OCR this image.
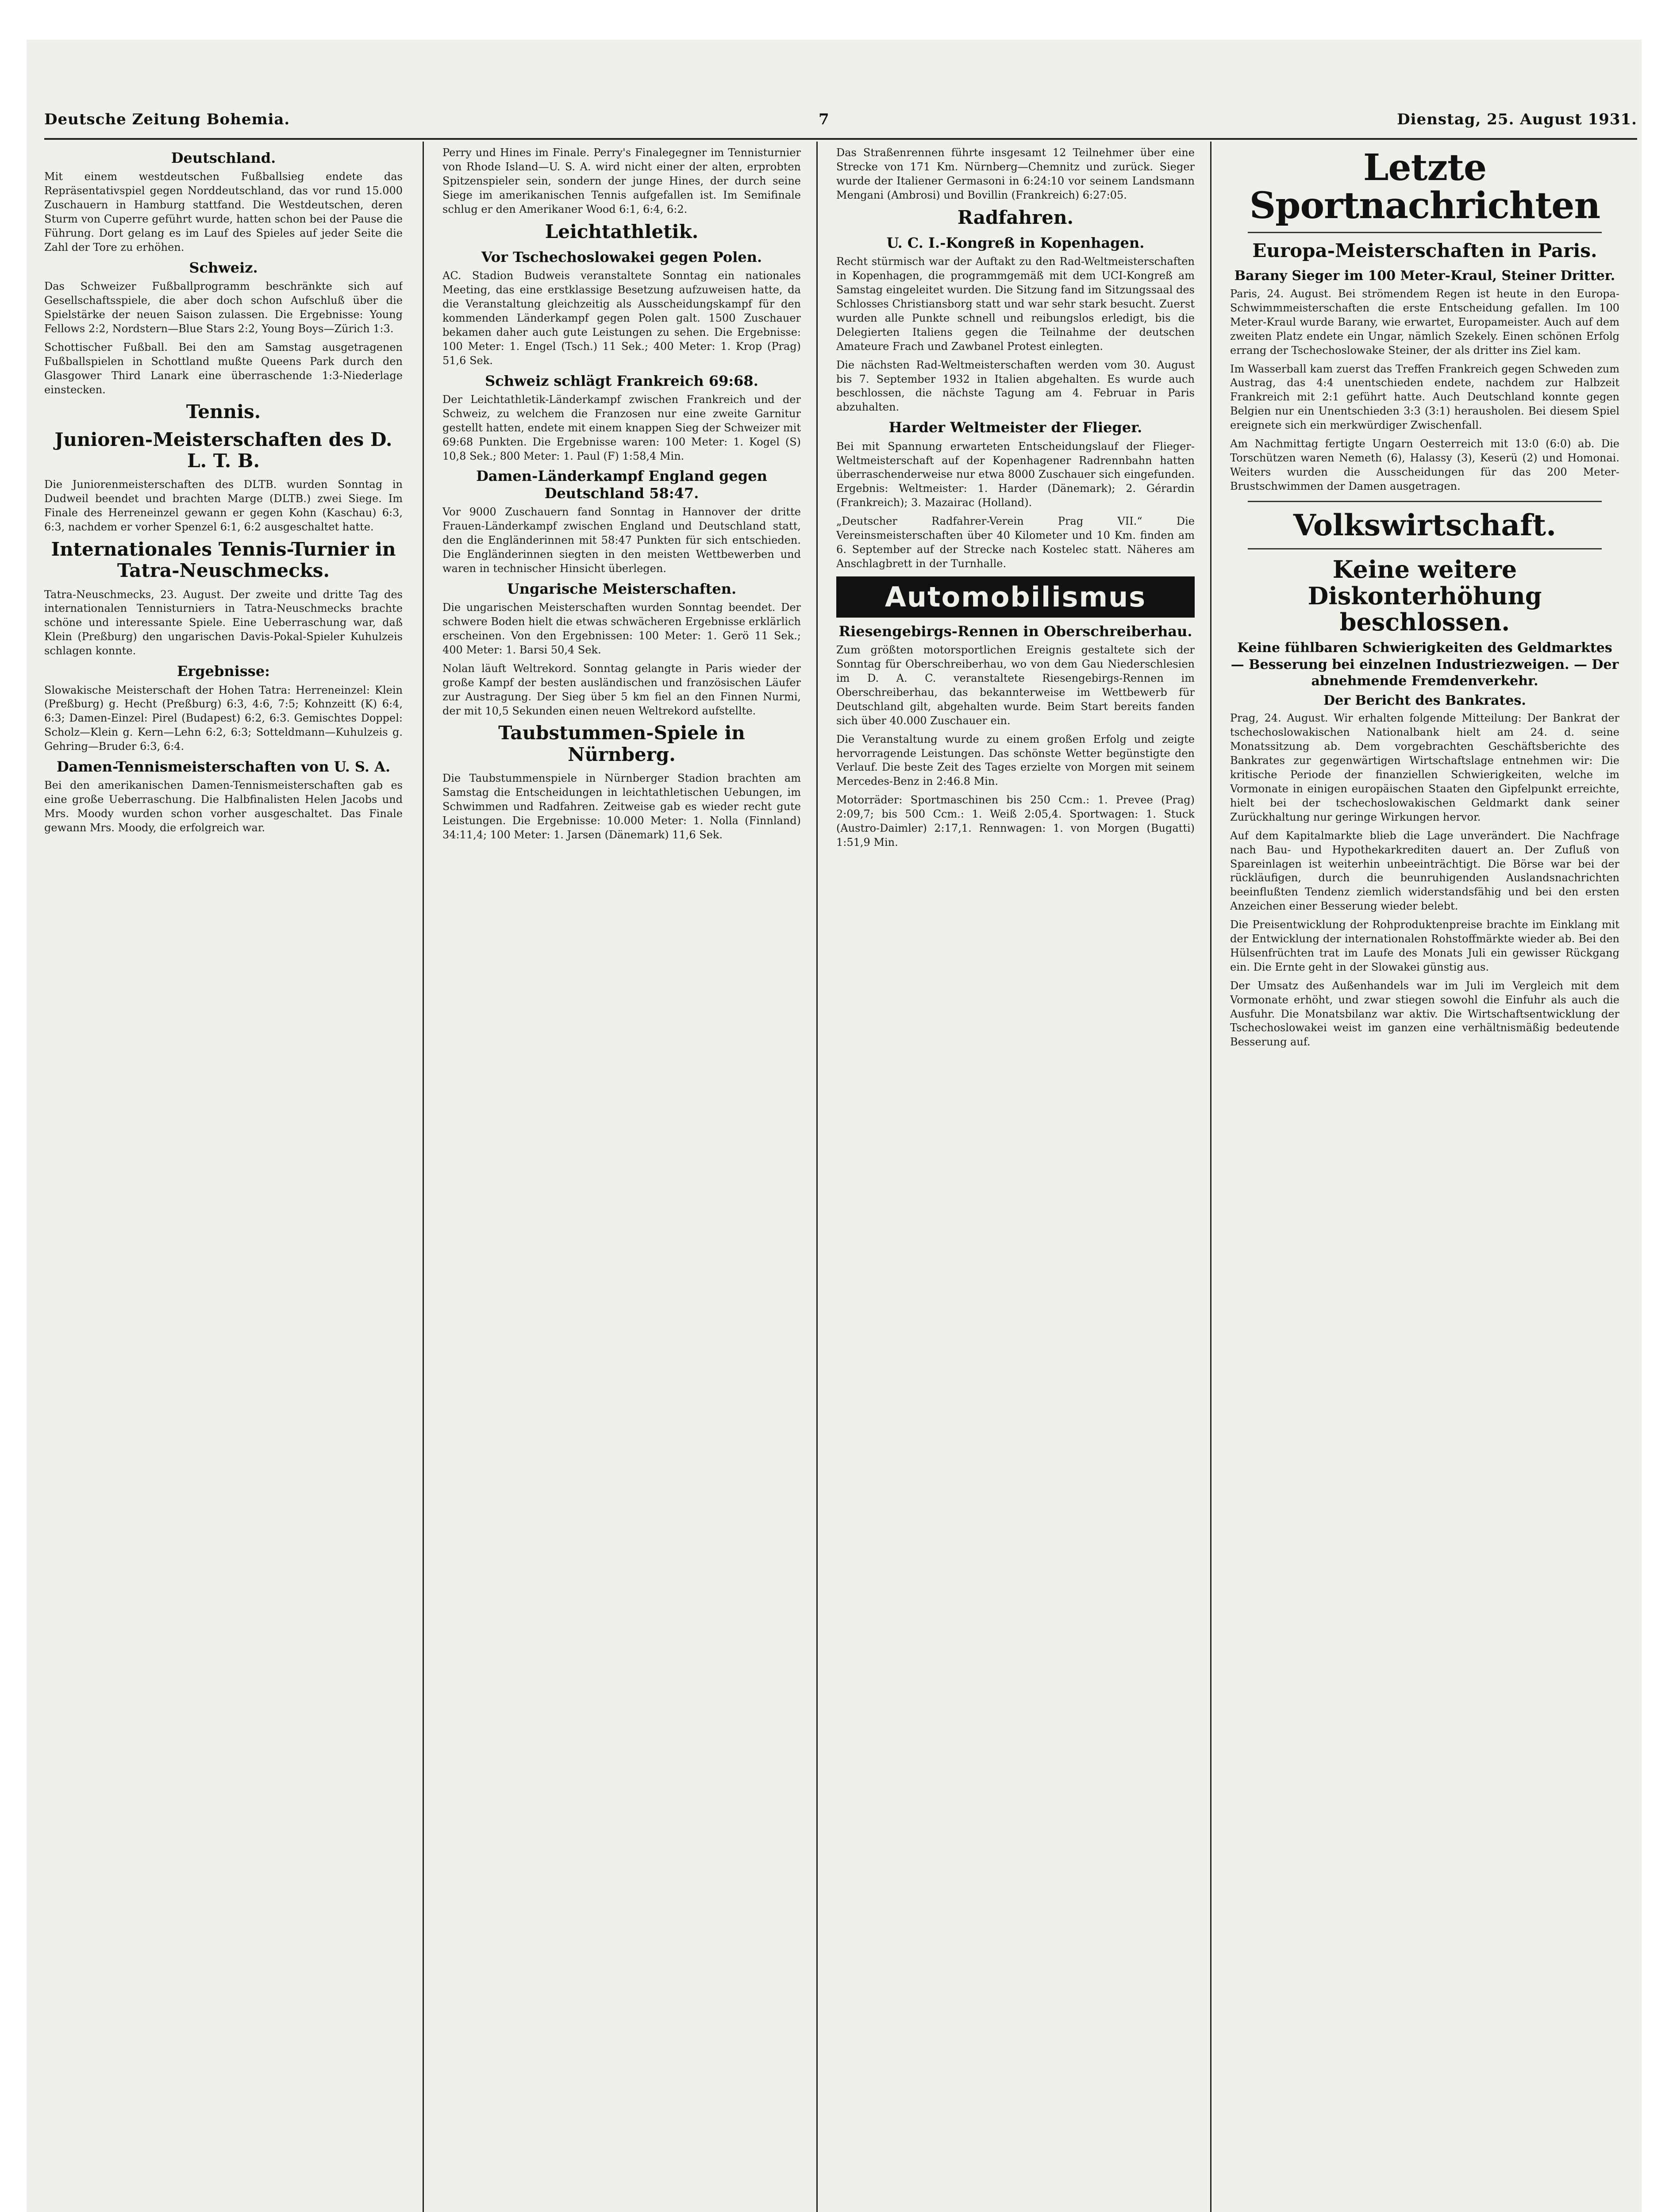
Deutsche Zeitung Bohemia.	7	Dienstag, 25. August 1931.
Deutschland.

Mit einem westdeutschen Fußballsieg endete das Repräsentativspiel gegen Norddeutschland, das vor rund 15.000 Zuschauern in Hamburg stattfand. Die Westdeutschen, deren Sturm von Cuperre geführt wurde, hatten schon bei der Pause die Führung. Dort gelang es im Lauf des Spieles auf jeder Seite die Zahl der Tore zu erhöhen.

Schweiz.

Das Schweizer Fußballprogramm beschränkte sich auf Gesellschaftsspiele, die aber doch schon Aufschluß über die Spielstärke der neuen Saison zulassen. Die Ergebnisse: Young Fellows 2:2, Nordstern—Blue Stars 2:2, Young Boys—Zürich 1:3.

Schottischer Fußball. Bei den am Samstag ausgetragenen Fußballspielen in Schottland mußte Queens Park durch den Glasgower Third Lanark eine überraschende 1:3-Niederlage einstecken.

Tennis.
Junioren-Meisterschaften des D. L. T. B.

Die Juniorenmeisterschaften des DLTB. wurden Sonntag in Dudweil beendet und brachten Marge (DLTB.) zwei Siege. Im Finale des Herreneinzel gewann er gegen Kohn (Kaschau) 6:3, 6:3, nachdem er vorher Spenzel 6:1, 6:2 ausgeschaltet hatte.

Internationales Tennis-Turnier in Tatra-Neuschmecks.

Tatra-Neuschmecks, 23. August. Der zweite und dritte Tag des internationalen Tennisturniers in Tatra-Neuschmecks brachte schöne und interessante Spiele. Eine Ueberraschung war, daß Klein (Preßburg) den ungarischen Davis-Pokal-Spieler Kuhulzeis schlagen konnte.

Ergebnisse:

Slowakische Meisterschaft der Hohen Tatra: Herreneinzel: Klein (Preßburg) g. Hecht (Preßburg) 6:3, 4:6, 7:5; Kohnzeitt (K) 6:4, 6:3; Damen-Einzel: Pirel (Budapest) 6:2, 6:3. Gemischtes Doppel: Scholz—Klein g. Kern—Lehn 6:2, 6:3; Sotteldmann—Kuhulzeis g. Gehring—Bruder 6:3, 6:4.

Damen-Tennismeisterschaften von U. S. A.

Bei den amerikanischen Damen-Tennismeisterschaften gab es eine große Ueberraschung. Die Halbfinalisten Helen Jacobs und Mrs. Moody wurden schon vorher ausgeschaltet. Das Finale gewann Mrs. Moody, die erfolgreich war.

Perry und Hines im Finale. Perry's Finalegegner im Tennisturnier von Rhode Island—U. S. A. wird nicht einer der alten, erprobten Spitzenspieler sein, sondern der junge Hines, der durch seine Siege im amerikanischen Tennis aufgefallen ist. Im Semifinale schlug er den Amerikaner Wood 6:1, 6:4, 6:2.

Leichtathletik.
Vor Tschechoslowakei gegen Polen.

AC. Stadion Budweis veranstaltete Sonntag ein nationales Meeting, das eine erstklassige Besetzung aufzuweisen hatte, da die Veranstaltung gleichzeitig als Ausscheidungskampf für den kommenden Länderkampf gegen Polen galt. 1500 Zuschauer bekamen daher auch gute Leistungen zu sehen. Die Ergebnisse: 100 Meter: 1. Engel (Tsch.) 11 Sek.; 400 Meter: 1. Krop (Prag) 51,6 Sek.

Schweiz schlägt Frankreich 69:68.

Der Leichtathletik-Länderkampf zwischen Frankreich und der Schweiz, zu welchem die Franzosen nur eine zweite Garnitur gestellt hatten, endete mit einem knappen Sieg der Schweizer mit 69:68 Punkten. Die Ergebnisse waren: 100 Meter: 1. Kogel (S) 10,8 Sek.; 800 Meter: 1. Paul (F) 1:58,4 Min.

Damen-Länderkampf England gegen Deutschland 58:47.

Vor 9000 Zuschauern fand Sonntag in Hannover der dritte Frauen-Länderkampf zwischen England und Deutschland statt, den die Engländerinnen mit 58:47 Punkten für sich entschieden. Die Engländerinnen siegten in den meisten Wettbewerben und waren in technischer Hinsicht überlegen.

Ungarische Meisterschaften.

Die ungarischen Meisterschaften wurden Sonntag beendet. Der schwere Boden hielt die etwas schwächeren Ergebnisse erklärlich erscheinen. Von den Ergebnissen: 100 Meter: 1. Gerö 11 Sek.; 400 Meter: 1. Barsi 50,4 Sek.

Nolan läuft Weltrekord. Sonntag gelangte in Paris wieder der große Kampf der besten ausländischen und französischen Läufer zur Austragung. Der Sieg über 5 km fiel an den Finnen Nurmi, der mit 10,5 Sekunden einen neuen Weltrekord aufstellte.

Taubstummen-Spiele in Nürnberg.

Die Taubstummenspiele in Nürnberger Stadion brachten am Samstag die Entscheidungen in leichtathletischen Uebungen, im Schwimmen und Radfahren. Zeitweise gab es wieder recht gute Leistungen. Die Ergebnisse: 10.000 Meter: 1. Nolla (Finnland) 34:11,4; 100 Meter: 1. Jarsen (Dänemark) 11,6 Sek.

Das Straßenrennen führte insgesamt 12 Teilnehmer über eine Strecke von 171 Km. Nürnberg—Chemnitz und zurück. Sieger wurde der Italiener Germasoni in 6:24:10 vor seinem Landsmann Mengani (Ambrosi) und Bovillin (Frankreich) 6:27:05.

Radfahren.
U. C. I.-Kongreß in Kopenhagen.

Recht stürmisch war der Auftakt zu den Rad-Weltmeisterschaften in Kopenhagen, die programmgemäß mit dem UCI-Kongreß am Samstag eingeleitet wurden. Die Sitzung fand im Sitzungssaal des Schlosses Christiansborg statt und war sehr stark besucht. Zuerst wurden alle Punkte schnell und reibungslos erledigt, bis die Delegierten Italiens gegen die Teilnahme der deutschen Amateure Frach und Zawbanel Protest einlegten.

Die nächsten Rad-Weltmeisterschaften werden vom 30. August bis 7. September 1932 in Italien abgehalten. Es wurde auch beschlossen, die nächste Tagung am 4. Februar in Paris abzuhalten.

Harder Weltmeister der Flieger.

Bei mit Spannung erwarteten Entscheidungslauf der Flieger-Weltmeisterschaft auf der Kopenhagener Radrennbahn hatten überraschenderweise nur etwa 8000 Zuschauer sich eingefunden. Ergebnis: Weltmeister: 1. Harder (Dänemark); 2. Gérardin (Frankreich); 3. Mazairac (Holland).

„Deutscher Radfahrer-Verein Prag VII.“ Die Vereinsmeisterschaften über 40 Kilometer und 10 Km. finden am 6. September auf der Strecke nach Kostelec statt. Näheres am Anschlagbrett in der Turnhalle.

Automobilismus
Riesengebirgs-Rennen in Oberschreiberhau.

Zum größten motorsportlichen Ereignis gestaltete sich der Sonntag für Oberschreiberhau, wo von dem Gau Niederschlesien im D. A. C. veranstaltete Riesengebirgs-Rennen im Oberschreiberhau, das bekannterweise im Wettbewerb für Deutschland gilt, abgehalten wurde. Beim Start bereits fanden sich über 40.000 Zuschauer ein.

Die Veranstaltung wurde zu einem großen Erfolg und zeigte hervorragende Leistungen. Das schönste Wetter begünstigte den Verlauf. Die beste Zeit des Tages erzielte von Morgen mit seinem Mercedes-Benz in 2:46.8 Min.

Motorräder: Sportmaschinen bis 250 Ccm.: 1. Prevee (Prag) 2:09,7; bis 500 Ccm.: 1. Weiß 2:05,4. Sportwagen: 1. Stuck (Austro-Daimler) 2:17,1. Rennwagen: 1. von Morgen (Bugatti) 1:51,9 Min.

Letzte Sportnachrichten
Europa-Meisterschaften in Paris.
Barany Sieger im 100 Meter-Kraul, Steiner Dritter.

Paris, 24. August. Bei strömendem Regen ist heute in den Europa-Schwimmmeisterschaften die erste Entscheidung gefallen. Im 100 Meter-Kraul wurde Barany, wie erwartet, Europameister. Auch auf dem zweiten Platz endete ein Ungar, nämlich Szekely. Einen schönen Erfolg errang der Tschechoslowake Steiner, der als dritter ins Ziel kam.

Im Wasserball kam zuerst das Treffen Frankreich gegen Schweden zum Austrag, das 4:4 unentschieden endete, nachdem zur Halbzeit Frankreich mit 2:1 geführt hatte. Auch Deutschland konnte gegen Belgien nur ein Unentschieden 3:3 (3:1) herausholen. Bei diesem Spiel ereignete sich ein merkwürdiger Zwischenfall.

Am Nachmittag fertigte Ungarn Oesterreich mit 13:0 (6:0) ab. Die Torschützen waren Nemeth (6), Halassy (3), Keserü (2) und Homonai. Weiters wurden die Ausscheidungen für das 200 Meter-Brustschwimmen der Damen ausgetragen.

Volkswirtschaft.
Keine weitere Diskonterhöhung beschlossen.
Keine fühlbaren Schwierigkeiten des Geldmarktes — Besserung bei einzelnen Industriezweigen. — Der abnehmende Fremdenverkehr.
Der Bericht des Bankrates.

Prag, 24. August. Wir erhalten folgende Mitteilung: Der Bankrat der tschechoslowakischen Nationalbank hielt am 24. d. seine Monatssitzung ab. Dem vorgebrachten Geschäftsberichte des Bankrates zur gegenwärtigen Wirtschaftslage entnehmen wir: Die kritische Periode der finanziellen Schwierigkeiten, welche im Vormonate in einigen europäischen Staaten den Gipfelpunkt erreichte, hielt bei der tschechoslowakischen Geldmarkt dank seiner Zurückhaltung nur geringe Wirkungen hervor.

Auf dem Kapitalmarkte blieb die Lage unverändert. Die Nachfrage nach Bau- und Hypothekarkrediten dauert an. Der Zufluß von Spareinlagen ist weiterhin unbeeinträchtigt. Die Börse war bei der rückläufigen, durch die beunruhigenden Auslandsnachrichten beeinflußten Tendenz ziemlich widerstandsfähig und bei den ersten Anzeichen einer Besserung wieder belebt.

Die Preisentwicklung der Rohproduktenpreise brachte im Einklang mit der Entwicklung der internationalen Rohstoffmärkte wieder ab. Bei den Hülsenfrüchten trat im Laufe des Monats Juli ein gewisser Rückgang ein. Die Ernte geht in der Slowakei günstig aus.

Der Umsatz des Außenhandels war im Juli im Vergleich mit dem Vormonate erhöht, und zwar stiegen sowohl die Einfuhr als auch die Ausfuhr. Die Monatsbilanz war aktiv. Die Wirtschaftsentwicklung der Tschechoslowakei weist im ganzen eine verhältnismäßig bedeutende Besserung auf.
